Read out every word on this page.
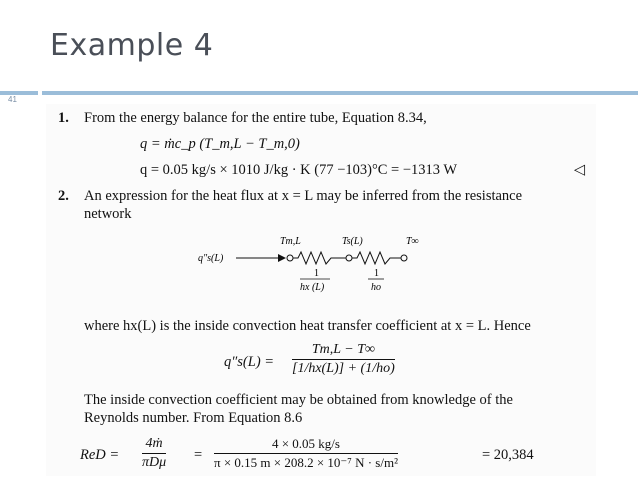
Example 4
41
1. From the energy balance for the entire tube, Equation 8.34,
q = ṁc_p (T_m,L − T_m,0)
q = 0.05 kg/s × 1010 J/kg · K (77 −103)°C = −1313 W	◁
2. An expression for the heat flux at x = L may be inferred from the resistance
network
q″s(L)
Tm,L	Ts(L)	T∞
1
hx (L)
1
ho
where hx(L) is the inside convection heat transfer coefficient at x = L. Hence
$q''s(L) = \frac{Tm,L - T\infty}{[1/hx(L)] + (1/ho)}$
The inside convection coefficient may be obtained from knowledge of the
Reynolds number. From Equation 8.6
ReD =
4ṁ
$\pi D\mu = \frac{4 \times 0.05 kg/s}{\text{π × 0.15 m × 208.2 × 10⁻⁷ N · s/m²}}$	= 20,384
